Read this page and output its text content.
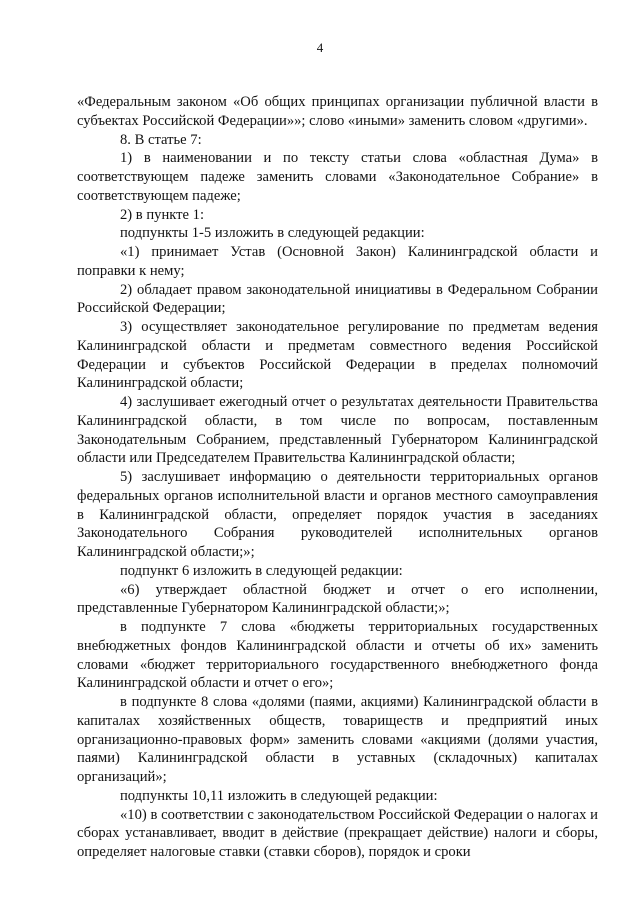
4

«Федеральным законом «Об общих принципах организации публичной власти в субъектах Российской Федерации»»; слово «иными» заменить словом «другими».

8. В статье 7:

1) в наименовании и по тексту статьи слова «областная Дума» в соответствующем падеже заменить словами «Законодательное Собрание» в соответствующем падеже;

2) в пункте 1:

подпункты 1-5 изложить в следующей редакции:

«1) принимает Устав (Основной Закон) Калининградской области и поправки к нему;

2) обладает правом законодательной инициативы в Федеральном Собрании Российской Федерации;

3) осуществляет законодательное регулирование по предметам ведения Калининградской области и предметам совместного ведения Российской Федерации и субъектов Российской Федерации в пределах полномочий Калининградской области;

4) заслушивает ежегодный отчет о результатах деятельности Правительства Калининградской области, в том числе по вопросам, поставленным Законодательным Собранием, представленный Губернатором Калининградской области или Председателем Правительства Калининградской области;

5) заслушивает информацию о деятельности территориальных органов федеральных органов исполнительной власти и органов местного самоуправления в Калининградской области, определяет порядок участия в заседаниях Законодательного Собрания руководителей исполнительных органов Калининградской области;»;

подпункт 6 изложить в следующей редакции:

«6) утверждает областной бюджет и отчет о его исполнении, представленные Губернатором Калининградской области;»;

в подпункте 7 слова «бюджеты территориальных государственных внебюджетных фондов Калининградской области и отчеты об их» заменить словами «бюджет территориального государственного внебюджетного фонда Калининградской области и отчет о его»;

в подпункте 8 слова «долями (паями, акциями) Калининградской области в капиталах хозяйственных обществ, товариществ и предприятий иных организационно-правовых форм» заменить словами «акциями (долями участия, паями) Калининградской области в уставных (складочных) капиталах организаций»;

подпункты 10,11 изложить в следующей редакции:

«10) в соответствии с законодательством Российской Федерации о налогах и сборах устанавливает, вводит в действие (прекращает действие) налоги и сборы, определяет налоговые ставки (ставки сборов), порядок и сроки
